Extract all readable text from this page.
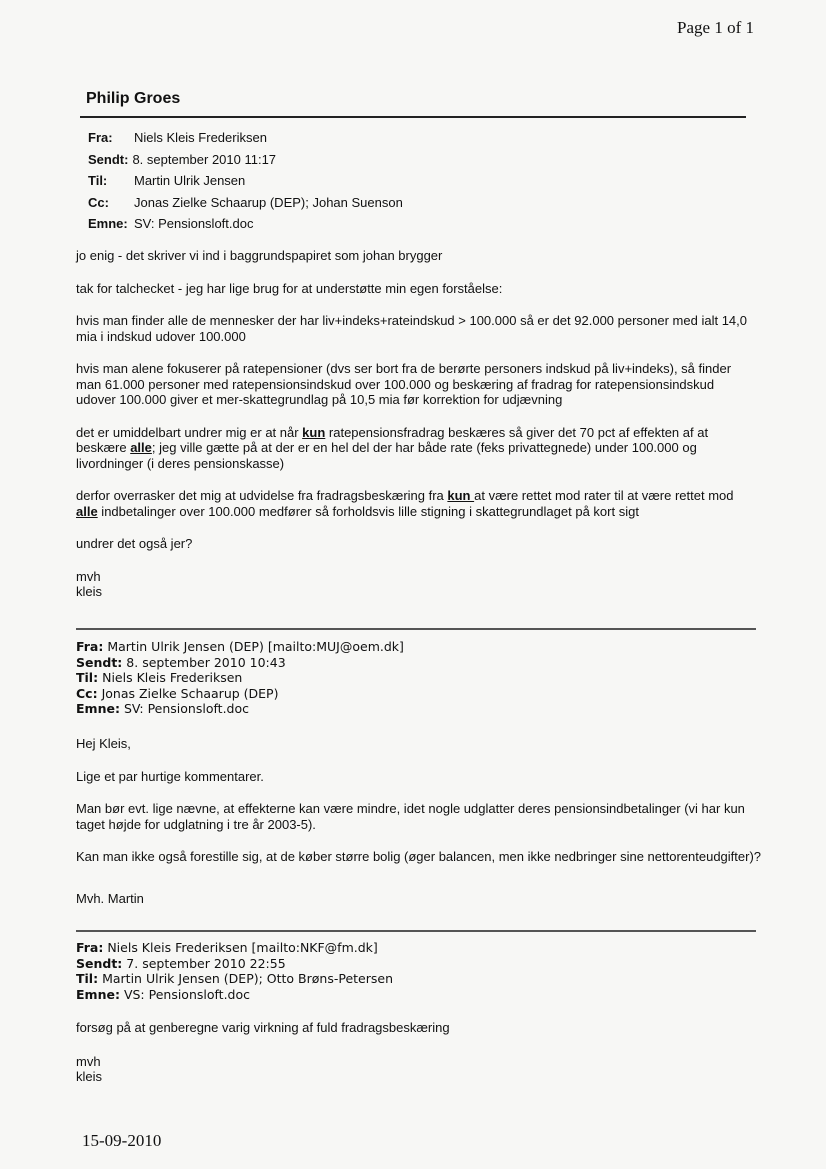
Page 1 of 1
Philip Groes
Fra:	Niels Kleis Frederiksen
Sendt: 8. september 2010 11:17
Til:	Martin Ulrik Jensen
Cc:	Jonas Zielke Schaarup (DEP); Johan Suenson
Emne: SV: Pensionsloft.doc

jo enig - det skriver vi ind i baggrundspapiret som johan brygger

tak for talchecket - jeg har lige brug for at understøtte min egen forståelse:

hvis man finder alle de mennesker der har liv+indeks+rateindskud > 100.000 så er det 92.000 personer med ialt 14,0 mia i indskud udover 100.000

hvis man alene fokuserer på ratepensioner (dvs ser bort fra de berørte personers indskud på liv+indeks), så finder man 61.000 personer med ratepensionsindskud over 100.000 og beskæring af fradrag for ratepensionsindskud udover 100.000 giver et mer-skattegrundlag på 10,5 mia før korrektion for udjævning

det er umiddelbart undrer mig er at når kun ratepensionsfradrag beskæres så giver det 70 pct af effekten af at beskære alle; jeg ville gætte på at der er en hel del der har både rate (feks privattegnede) under 100.000 og livordninger (i deres pensionskasse)

derfor overrasker det mig at udvidelse fra fradragsbeskæring fra kun at være rettet mod rater til at være rettet mod alle indbetalinger over 100.000 medfører så forholdsvis lille stigning i skattegrundlaget på kort sigt

undrer det også jer?

mvh
kleis
Fra: Martin Ulrik Jensen (DEP) [mailto:MUJ@oem.dk]
Sendt: 8. september 2010 10:43
Til: Niels Kleis Frederiksen
Cc: Jonas Zielke Schaarup (DEP)
Emne: SV: Pensionsloft.doc

Hej Kleis,

Lige et par hurtige kommentarer.

Man bør evt. lige nævne, at effekterne kan være mindre, idet nogle udglatter deres pensionsindbetalinger (vi har kun taget højde for udglatning i tre år 2003-5).

Kan man ikke også forestille sig, at de køber større bolig (øger balancen, men ikke nedbringer sine nettorenteudgifter)?

Mvh. Martin

Fra: Niels Kleis Frederiksen [mailto:NKF@fm.dk]
Sendt: 7. september 2010 22:55
Til: Martin Ulrik Jensen (DEP); Otto Brøns-Petersen
Emne: VS: Pensionsloft.doc

forsøg på at genberegne varig virkning af fuld fradragsbeskæring

mvh
kleis
15-09-2010
